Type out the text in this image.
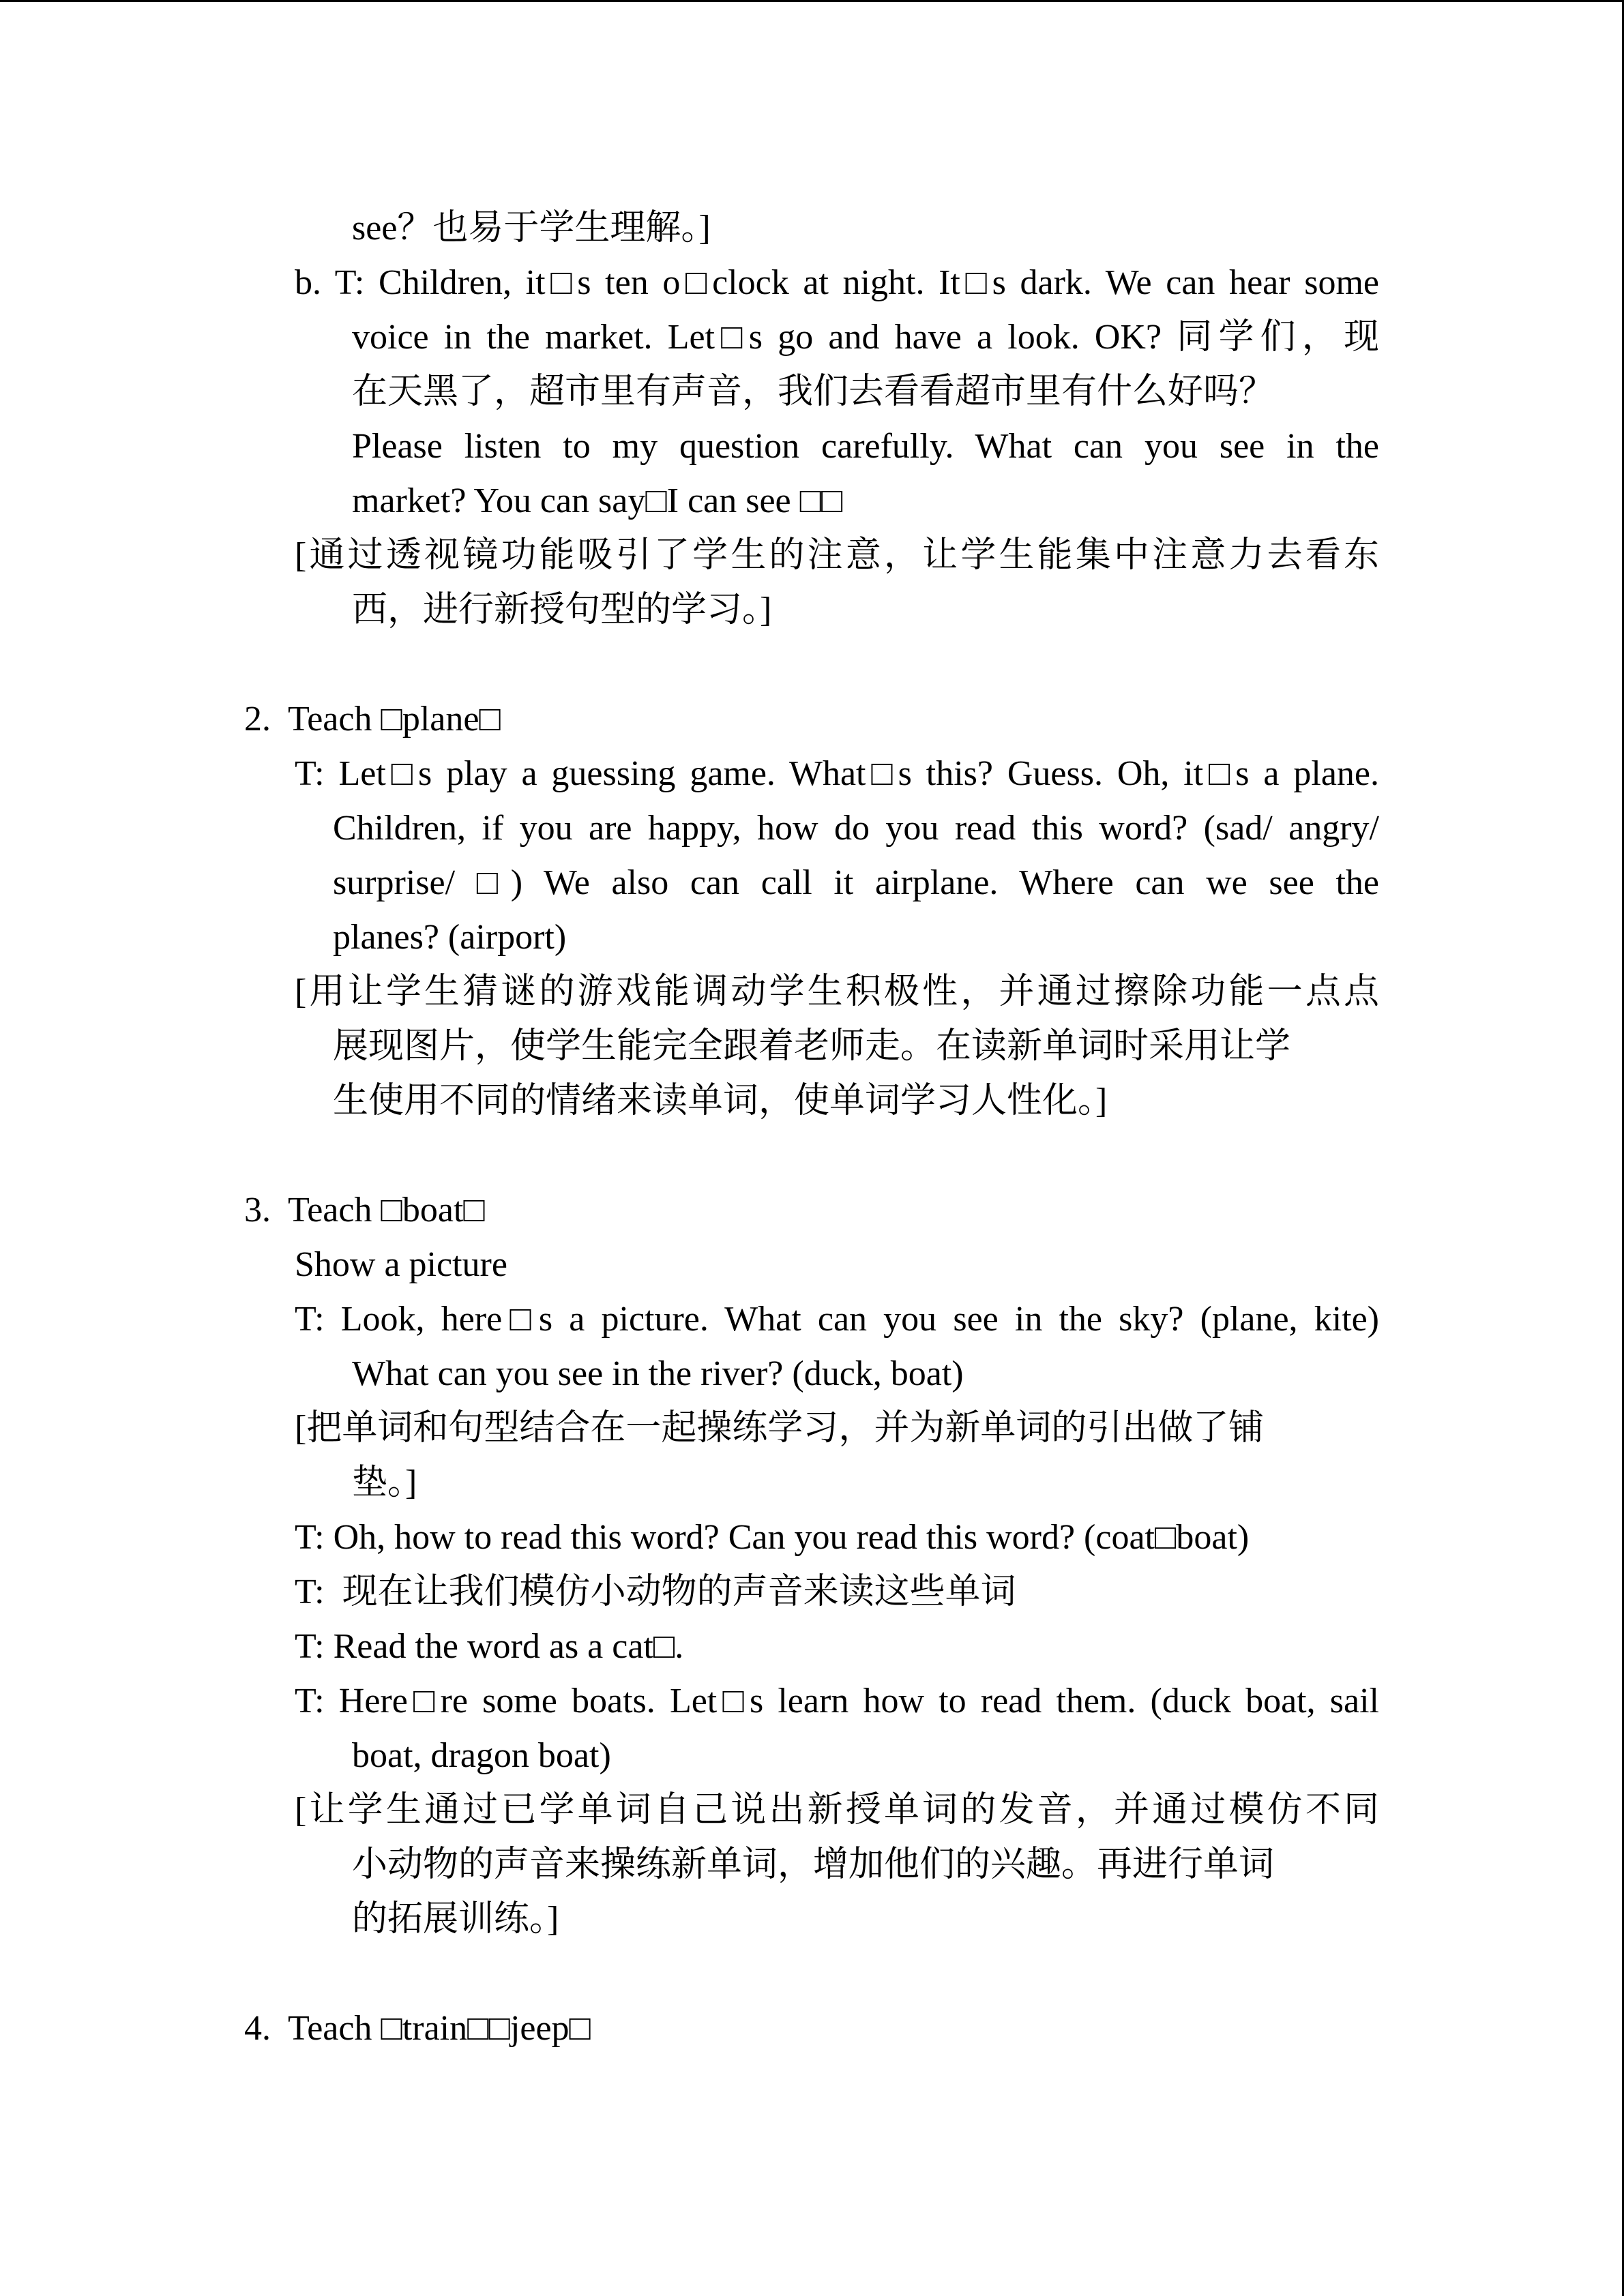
see？也易于学生理解。]
b. T: Children, it□s ten o□clock at night. It□s dark. We can hear some
voice in the market. Let□s go and have a look. OK? 同学们，现
在天黑了，超市里有声音，我们去看看超市里有什么好吗？
Please listen to my question carefully. What can you see in the
market? You can say□I can see □□
[通过透视镜功能吸引了学生的注意，让学生能集中注意力去看东
西，进行新授句型的学习。]
2.  Teach □plane□
T: Let□s play a guessing game. What□s this? Guess. Oh, it□s a plane.
Children, if you are happy, how do you read this word? (sad/ angry/
surprise/ □) We also can call it airplane. Where can we see the
planes? (airport)
[用让学生猜谜的游戏能调动学生积极性，并通过擦除功能一点点
展现图片，使学生能完全跟着老师走。在读新单词时采用让学
生使用不同的情绪来读单词，使单词学习人性化。]
3.  Teach □boat□
Show a picture
T: Look, here□s a picture. What can you see in the sky? (plane, kite)
What can you see in the river? (duck, boat)
[把单词和句型结合在一起操练学习，并为新单词的引出做了铺
垫。]
T: Oh, how to read this word? Can you read this word? (coat□boat)
T:  现在让我们模仿小动物的声音来读这些单词
T: Read the word as a cat□.
T: Here□re some boats. Let□s learn how to read them. (duck boat, sail
boat, dragon boat)
[让学生通过已学单词自己说出新授单词的发音，并通过模仿不同
小动物的声音来操练新单词，增加他们的兴趣。再进行单词
的拓展训练。]
4.  Teach □train□□jeep□
